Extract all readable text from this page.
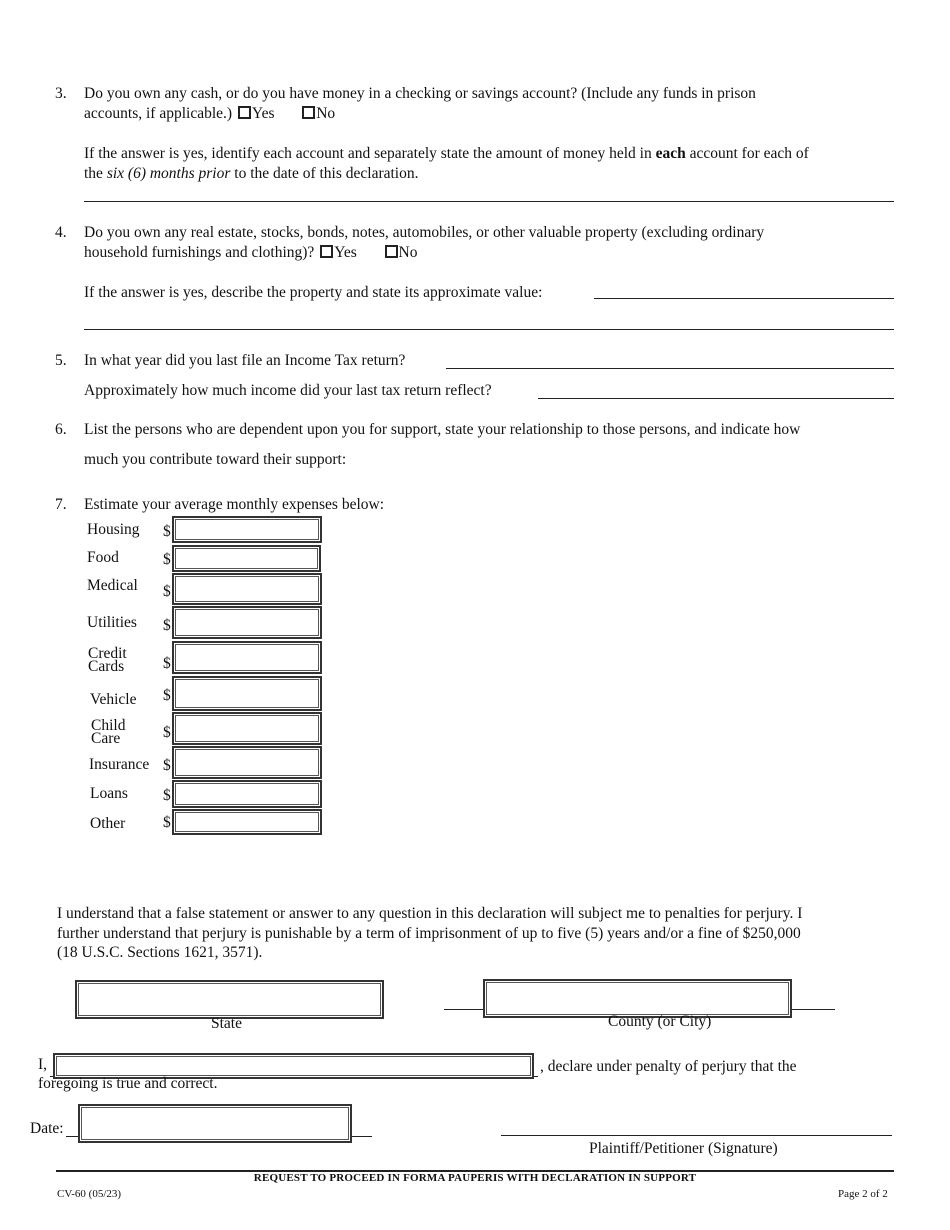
3. Do you own any cash, or do you have money in a checking or savings account? (Include any funds in prison
accounts, if applicable.) Yes	No
If the answer is yes, identify each account and separately state the amount of money held in each account for each of
the six (6) months prior to the date of this declaration.
4. Do you own any real estate, stocks, bonds, notes, automobiles, or other valuable property (excluding ordinary
household furnishings and clothing)? Yes	No
If the answer is yes, describe the property and state its approximate value:
5. In what year did you last file an Income Tax return?
Approximately how much income did your last tax return reflect?
6. List the persons who are dependent upon you for support, state your relationship to those persons, and indicate how
much you contribute toward their support:
7. Estimate your average monthly expenses below:
Housing $
Food	$
Medical $
Utilities $
Credit
Cards	$
Vehicle $
Child
Care	$
Insurance $
Loans $
Other $
I understand that a false statement or answer to any question in this declaration will subject me to penalties for perjury. I
further understand that perjury is punishable by a term of imprisonment of up to five (5) years and/or a fine of $250,000
(18 U.S.C. Sections 1621, 3571).
State	County (or City)
I,	, declare under penalty of perjury that the
foregoing is true and correct.
Date:
Plaintiff/Petitioner (Signature)
REQUEST TO PROCEED IN FORMA PAUPERIS WITH DECLARATION IN SUPPORT
CV-60 (05/23)	Page 2 of 2
